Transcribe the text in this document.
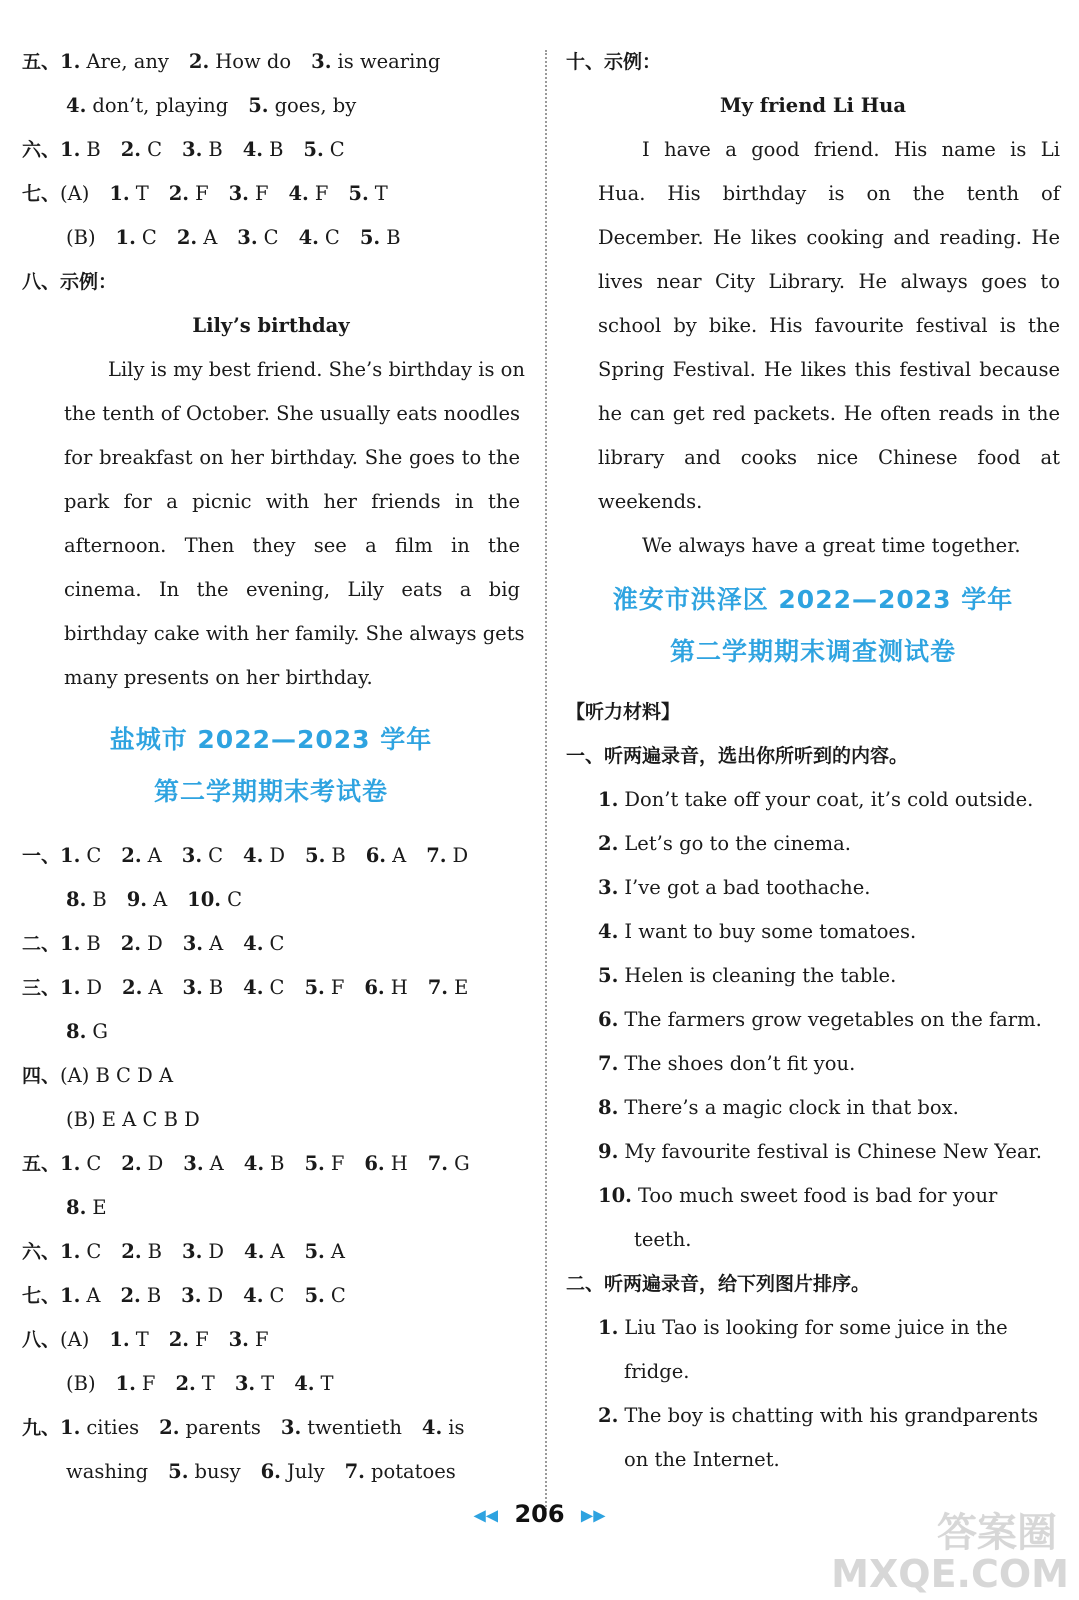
五、1. Are, any 2. How do 3. is wearing
4. don’t, playing 5. goes, by
六、1. B 2. C 3. B 4. B 5. C
七、(A) 1. T 2. F 3. F 4. F 5. T
(B) 1. C 2. A 3. C 4. C 5. B
八、示例：
Lily’s birthday
Lily is my best friend. She’s birthday is on
the tenth of October. She usually eats noodles
for breakfast on her birthday. She goes to the
park for a picnic with her friends in the
afternoon. Then they see a film in the
cinema. In the evening, Lily eats a big
birthday cake with her family. She always gets
many presents on her birthday.
盐城市 2022—2023 学年
第二学期期末考试卷
一、1. C 2. A 3. C 4. D 5. B 6. A 7. D
8. B 9. A 10. C
二、1. B 2. D 3. A 4. C
三、1. D 2. A 3. B 4. C 5. F 6. H 7. E
8. G
四、(A) B C D A
(B) E A C B D
五、1. C 2. D 3. A 4. B 5. F 6. H 7. G
8. E
六、1. C 2. B 3. D 4. A 5. A
七、1. A 2. B 3. D 4. C 5. C
八、(A) 1. T 2. F 3. F
(B) 1. F 2. T 3. T 4. T
九、1. cities 2. parents 3. twentieth 4. is
washing 5. busy 6. July 7. potatoes
十、示例：
My friend Li Hua
I have a good friend. His name is Li
Hua. His birthday is on the tenth of
December. He likes cooking and reading. He
lives near City Library. He always goes to
school by bike. His favourite festival is the
Spring Festival. He likes this festival because
he can get red packets. He often reads in the
library and cooks nice Chinese food at
weekends.
We always have a great time together.
淮安市洪泽区 2022—2023 学年
第二学期期末调查测试卷
【听力材料】
一、听两遍录音，选出你所听到的内容。
1. Don’t take off your coat, it’s cold outside.
2. Let’s go to the cinema.
3. I’ve got a bad toothache.
4. I want to buy some tomatoes.
5. Helen is cleaning the table.
6. The farmers grow vegetables on the farm.
7. The shoes don’t fit you.
8. There’s a magic clock in that box.
9. My favourite festival is Chinese New Year.
10. Too much sweet food is bad for your
teeth.
二、听两遍录音，给下列图片排序。
1. Liu Tao is looking for some juice in the
fridge.
2. The boy is chatting with his grandparents
on the Internet.
◀◀ 206 ▶▶	答案圈
MXQE.COM
